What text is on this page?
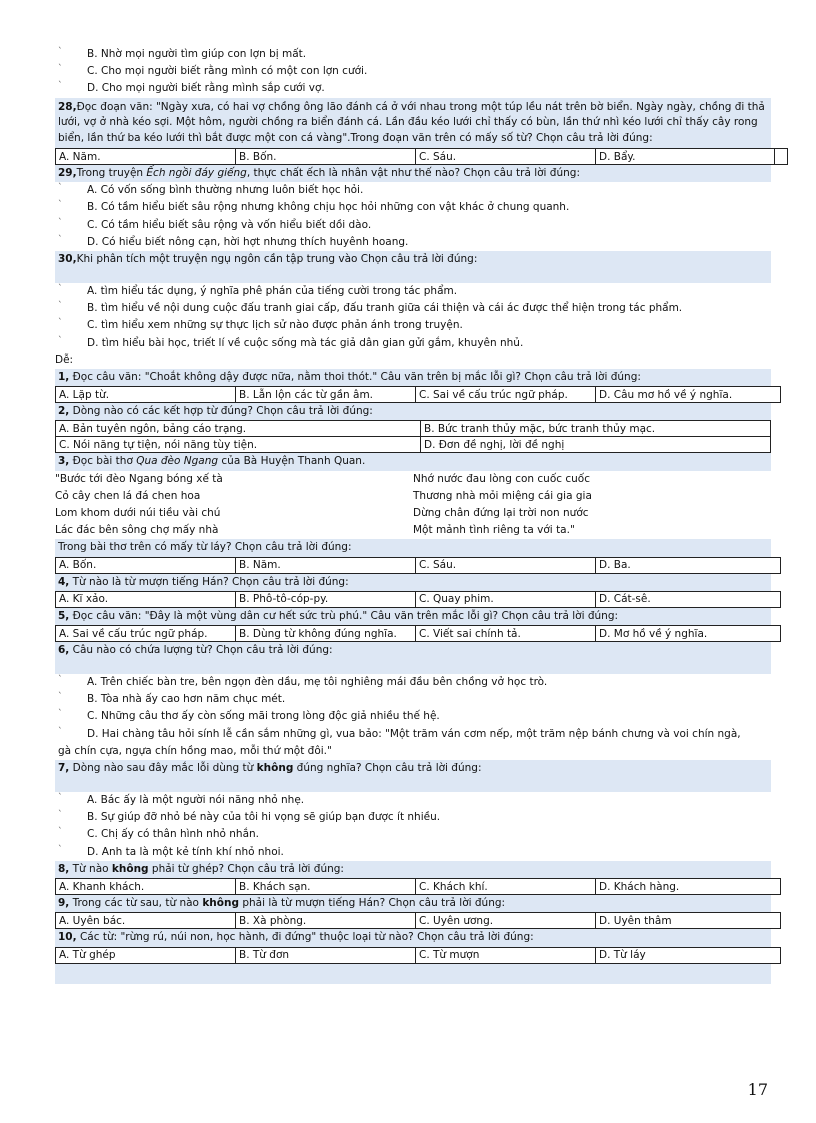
` B. Nhờ mọi người tìm giúp con lợn bị mất.
` C. Cho mọi người biết rằng mình có một con lợn cưới.
` D. Cho mọi người biết rằng mình sắp cưới vợ.
28,Đọc đoạn văn: "Ngày xưa, có hai vợ chồng ông lão đánh cá ở với nhau trong một túp lều nát trên bờ biển. Ngày ngày, chồng đi thả lưới, vợ ở nhà kéo sợi. Một hôm, người chồng ra biển đánh cá. Lần đầu kéo lưới chỉ thấy có bùn, lần thứ nhì kéo lưới chỉ thấy cây rong biển, lần thứ ba kéo lưới thì bắt được một con cá vàng".Trong đoạn văn trên có mấy số từ? Chọn câu trả lời đúng:
A. Năm.	B. Bốn.	C. Sáu.	D. Bẩy.	
29,Trong truyện Ếch ngồi đáy giếng, thực chất ếch là nhân vật như thế nào? Chọn câu trả lời đúng:
` A. Có vốn sống bình thường nhưng luôn biết học hỏi.
` B. Có tầm hiểu biết sâu rộng nhưng không chịu học hỏi những con vật khác ở chung quanh.
` C. Có tầm hiểu biết sâu rộng và vốn hiểu biết dồi dào.
` D. Có hiểu biết nông cạn, hời hợt nhưng thích huyênh hoang.
30,Khi phân tích một truyện ngụ ngôn cần tập trung vào Chọn câu trả lời đúng:
` A. tìm hiểu tác dụng, ý nghĩa phê phán của tiếng cười trong tác phẩm.
` B. tìm hiểu về nội dung cuộc đấu tranh giai cấp, đấu tranh giữa cái thiện và cái ác được thể hiện trong tác phẩm.
` C. tìm hiểu xem những sự thực lịch sử nào được phản ánh trong truyện.
` D. tìm hiểu bài học, triết lí về cuộc sống mà tác giả dân gian gửi gắm, khuyên nhủ.
Dễ:
1, Đọc câu văn: "Choắt không dậy được nữa, nằm thoi thót." Câu văn trên bị mắc lỗi gì? Chọn câu trả lời đúng:
A. Lặp từ.	B. Lẫn lộn các từ gần âm.	C. Sai về cấu trúc ngữ pháp.	D. Câu mơ hồ về ý nghĩa.
2, Dòng nào có các kết hợp từ đúng? Chọn câu trả lời đúng:
A. Bản tuyên ngôn, bảng cáo trạng.	B. Bức tranh thủy mặc, bức tranh thủy mạc.
C. Nói năng tự tiện, nói năng tùy tiện.	D. Đơn đề nghị, lời đề nghị
3, Đọc bài thơ Qua đèo Ngang của Bà Huyện Thanh Quan.
"Bước tới đèo Ngang bóng xế tà
Cỏ cây chen lá đá chen hoa
Lom khom dưới núi tiều vài chú
Lác đác bên sông chợ mấy nhà
Nhớ nước đau lòng con cuốc cuốc
Thương nhà mỏi miệng cái gia gia
Dừng chân đứng lại trời non nước
Một mảnh tình riêng ta với ta."
Trong bài thơ trên có mấy từ láy? Chọn câu trả lời đúng:
A. Bốn.	B. Năm.	C. Sáu.	D. Ba.
4, Từ nào là từ mượn tiếng Hán? Chọn câu trả lời đúng:
A. Kĩ xảo.	B. Phô-tô-cóp-py.	C. Quay phim.	D. Cát-sê.
5, Đọc câu văn: "Đây là một vùng dân cư hết sức trù phú." Câu văn trên mắc lỗi gì? Chọn câu trả lời đúng:
A. Sai về cấu trúc ngữ pháp.	B. Dùng từ không đúng nghĩa.	C. Viết sai chính tả.	D. Mơ hồ về ý nghĩa.
6, Câu nào có chứa lượng từ? Chọn câu trả lời đúng:
` A. Trên chiếc bàn tre, bên ngọn đèn dầu, mẹ tôi nghiêng mái đầu bên chồng vở học trò.
` B. Tòa nhà ấy cao hơn năm chục mét.
` C. Những câu thơ ấy còn sống mãi trong lòng độc giả nhiều thế hệ.
` D. Hai chàng tâu hỏi sính lễ cần sắm những gì, vua bảo: "Một trăm ván cơm nếp, một trăm nệp bánh chưng và voi chín ngà,
gà chín cựa, ngựa chín hồng mao, mỗi thứ một đôi."
7, Dòng nào sau đây mắc lỗi dùng từ không đúng nghĩa? Chọn câu trả lời đúng:
` A. Bác ấy là một người nói năng nhỏ nhẹ.
` B. Sự giúp đỡ nhỏ bé này của tôi hi vọng sẽ giúp bạn được ít nhiều.
` C. Chị ấy có thân hình nhỏ nhắn.
` D. Anh ta là một kẻ tính khí nhỏ nhoi.
8, Từ nào không phải từ ghép? Chọn câu trả lời đúng:
A. Khanh khách.	B. Khách sạn.	C. Khách khí.	D. Khách hàng.
9, Trong các từ sau, từ nào không phải là từ mượn tiếng Hán? Chọn câu trả lời đúng:
A. Uyên bác.	B. Xà phòng.	C. Uyên ương.	D. Uyên thâm
10, Các từ: "rừng rú, núi non, học hành, đi đứng" thuộc loại từ nào? Chọn câu trả lời đúng:
A. Từ ghép	B. Từ đơn	C. Từ mượn	D. Từ láy
17
